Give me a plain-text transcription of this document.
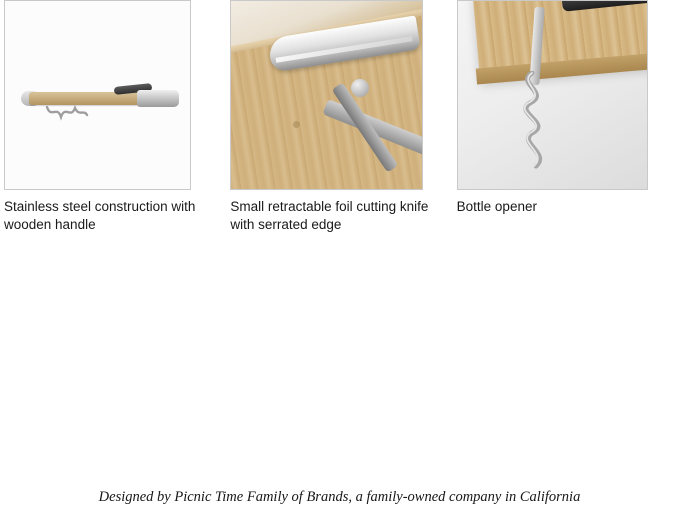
Stainless steel construction with wooden handle
Small retractable foil cutting knife with serrated edge
Bottle opener
Designed by Picnic Time Family of Brands, a family-owned company in California
